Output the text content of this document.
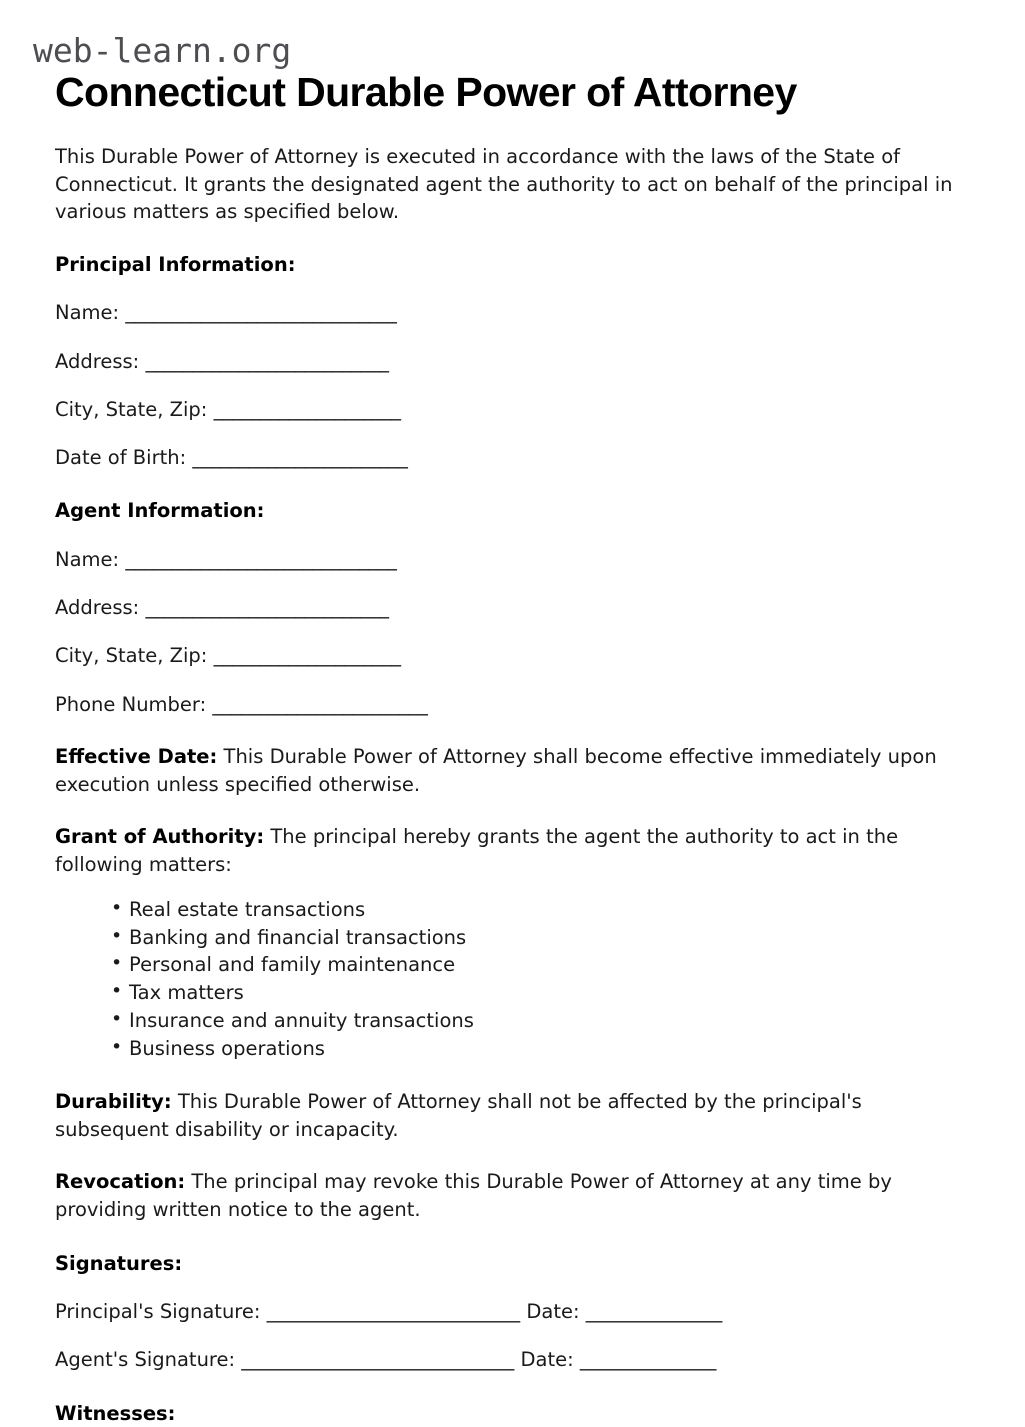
web-learn.org
Connecticut Durable Power of Attorney

This Durable Power of Attorney is executed in accordance with the laws of the State of Connecticut. It grants the designated agent the authority to act on behalf of the principal in various matters as specified below.

Principal Information:
Name: _____________________________
Address: __________________________
City, State, Zip: ____________________
Date of Birth: _______________________
Agent Information:
Name: _____________________________
Address: __________________________
City, State, Zip: ____________________
Phone Number: _______________________

Effective Date: This Durable Power of Attorney shall become effective immediately upon execution unless specified otherwise.

Grant of Authority: The principal hereby grants the agent the authority to act in the following matters:

• Real estate transactions
• Banking and financial transactions
• Personal and family maintenance
• Tax matters
• Insurance and annuity transactions
• Business operations

Durability: This Durable Power of Attorney shall not be affected by the principal's subsequent disability or incapacity.

Revocation: The principal may revoke this Durable Power of Attorney at any time by providing written notice to the agent.

Signatures:
Principal's Signature: __________________________ Date: ______________
Agent's Signature: ____________________________ Date: ______________
Witnesses:
